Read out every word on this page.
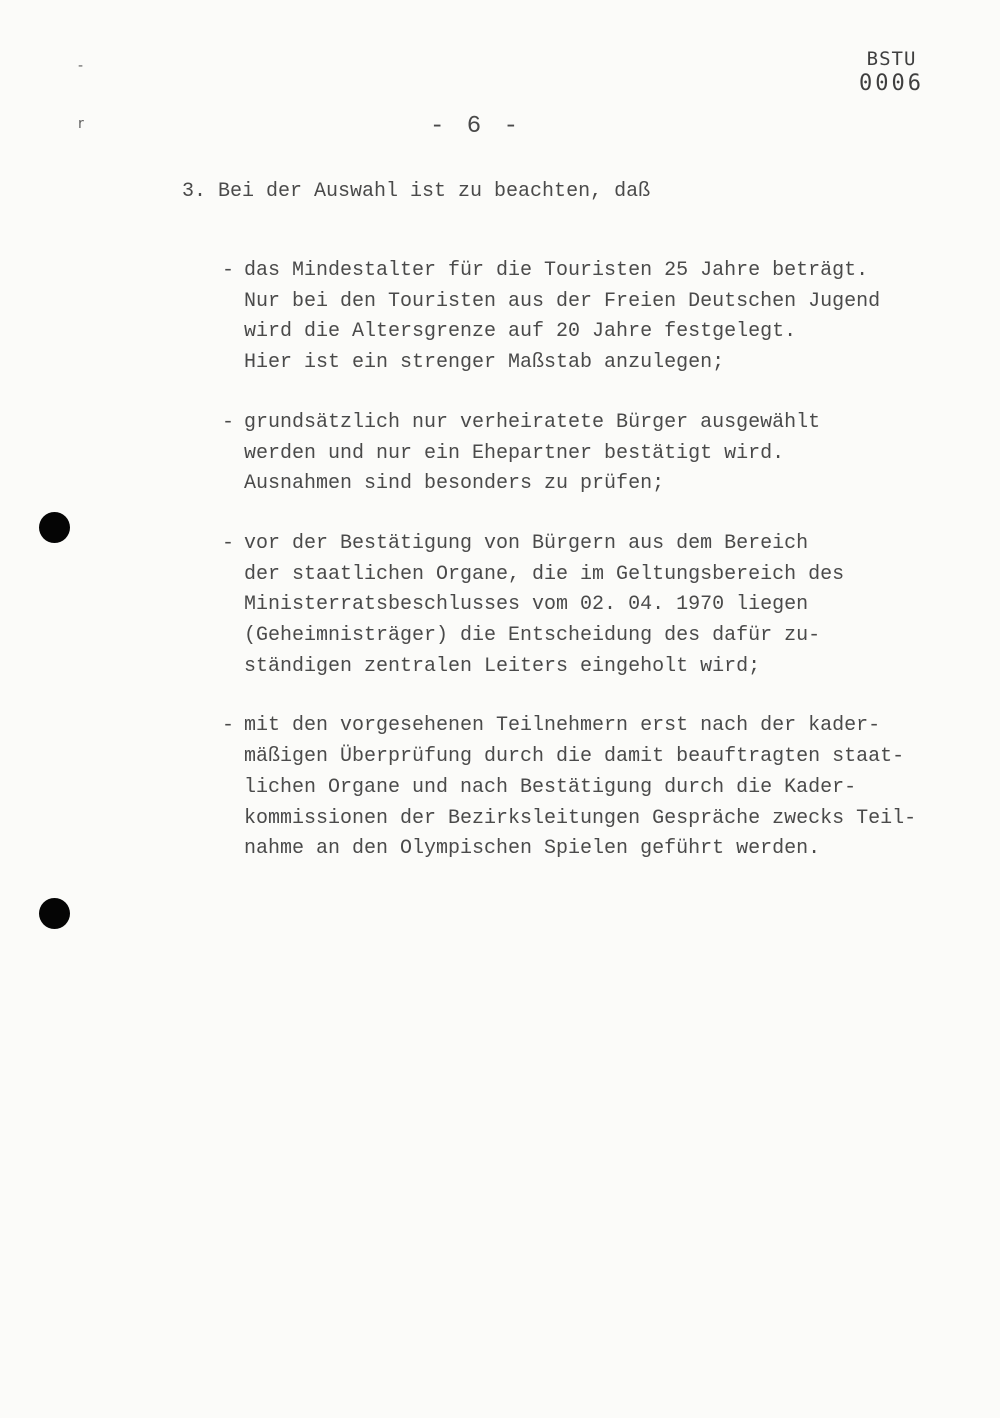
-
r
BSTU
0006
- 6 -
3. Bei der Auswahl ist zu beachten, daß
- das Mindestalter für die Touristen 25 Jahre beträgt.
Nur bei den Touristen aus der Freien Deutschen Jugend
wird die Altersgrenze auf 20 Jahre festgelegt.
Hier ist ein strenger Maßstab anzulegen;
- grundsätzlich nur verheiratete Bürger ausgewählt
werden und nur ein Ehepartner bestätigt wird.
Ausnahmen sind besonders zu prüfen;
- vor der Bestätigung von Bürgern aus dem Bereich
der staatlichen Organe, die im Geltungsbereich des
Ministerratsbeschlusses vom 02. 04. 1970 liegen
(Geheimnisträger) die Entscheidung des dafür zu-
ständigen zentralen Leiters eingeholt wird;
- mit den vorgesehenen Teilnehmern erst nach der kader-
mäßigen Überprüfung durch die damit beauftragten staat-
lichen Organe und nach Bestätigung durch die Kader-
kommissionen der Bezirksleitungen Gespräche zwecks Teil-
nahme an den Olympischen Spielen geführt werden.
